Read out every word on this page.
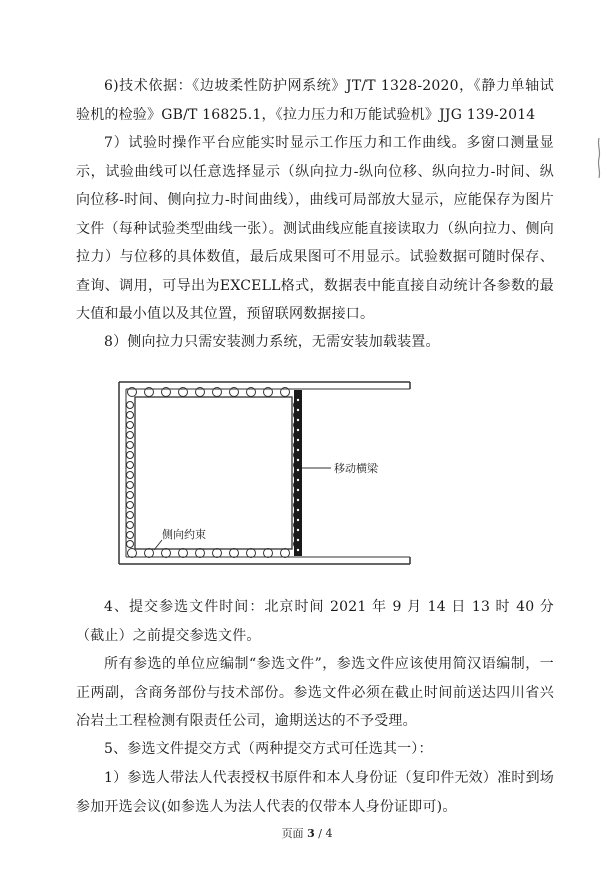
6)技术依据：《边坡柔性防护网系统》JT/T 1328-2020，《静力单轴试验机的检验》GB/T 16825.1，《拉力压力和万能试验机》JJG 139-2014

7）试验时操作平台应能实时显示工作压力和工作曲线。多窗口测量显示，试验曲线可以任意选择显示（纵向拉力-纵向位移、纵向拉力-时间、纵向位移-时间、侧向拉力-时间曲线），曲线可局部放大显示，应能保存为图片文件（每种试验类型曲线一张）。测试曲线应能直接读取力（纵向拉力、侧向拉力）与位移的具体数值，最后成果图可不用显示。试验数据可随时保存、查询、调用，可导出为EXCELL格式，数据表中能直接自动统计各参数的最大值和最小值以及其位置，预留联网数据接口。

8）侧向拉力只需安装测力系统，无需安装加载装置。

移动横梁
侧向约束

4、提交参选文件时间：北京时间 2021 年 9 月 14 日 13 时 40 分（截止）之前提交参选文件。

所有参选的单位应编制“参选文件”，参选文件应该使用简汉语编制，一正两副，含商务部份与技术部份。参选文件必须在截止时间前送达四川省兴冶岩土工程检测有限责任公司，逾期送达的不予受理。

5、参选文件提交方式（两种提交方式可任选其一）：

1）参选人带法人代表授权书原件和本人身份证（复印件无效）准时到场参加开选会议(如参选人为法人代表的仅带本人身份证即可)。

页面 3 / 4
